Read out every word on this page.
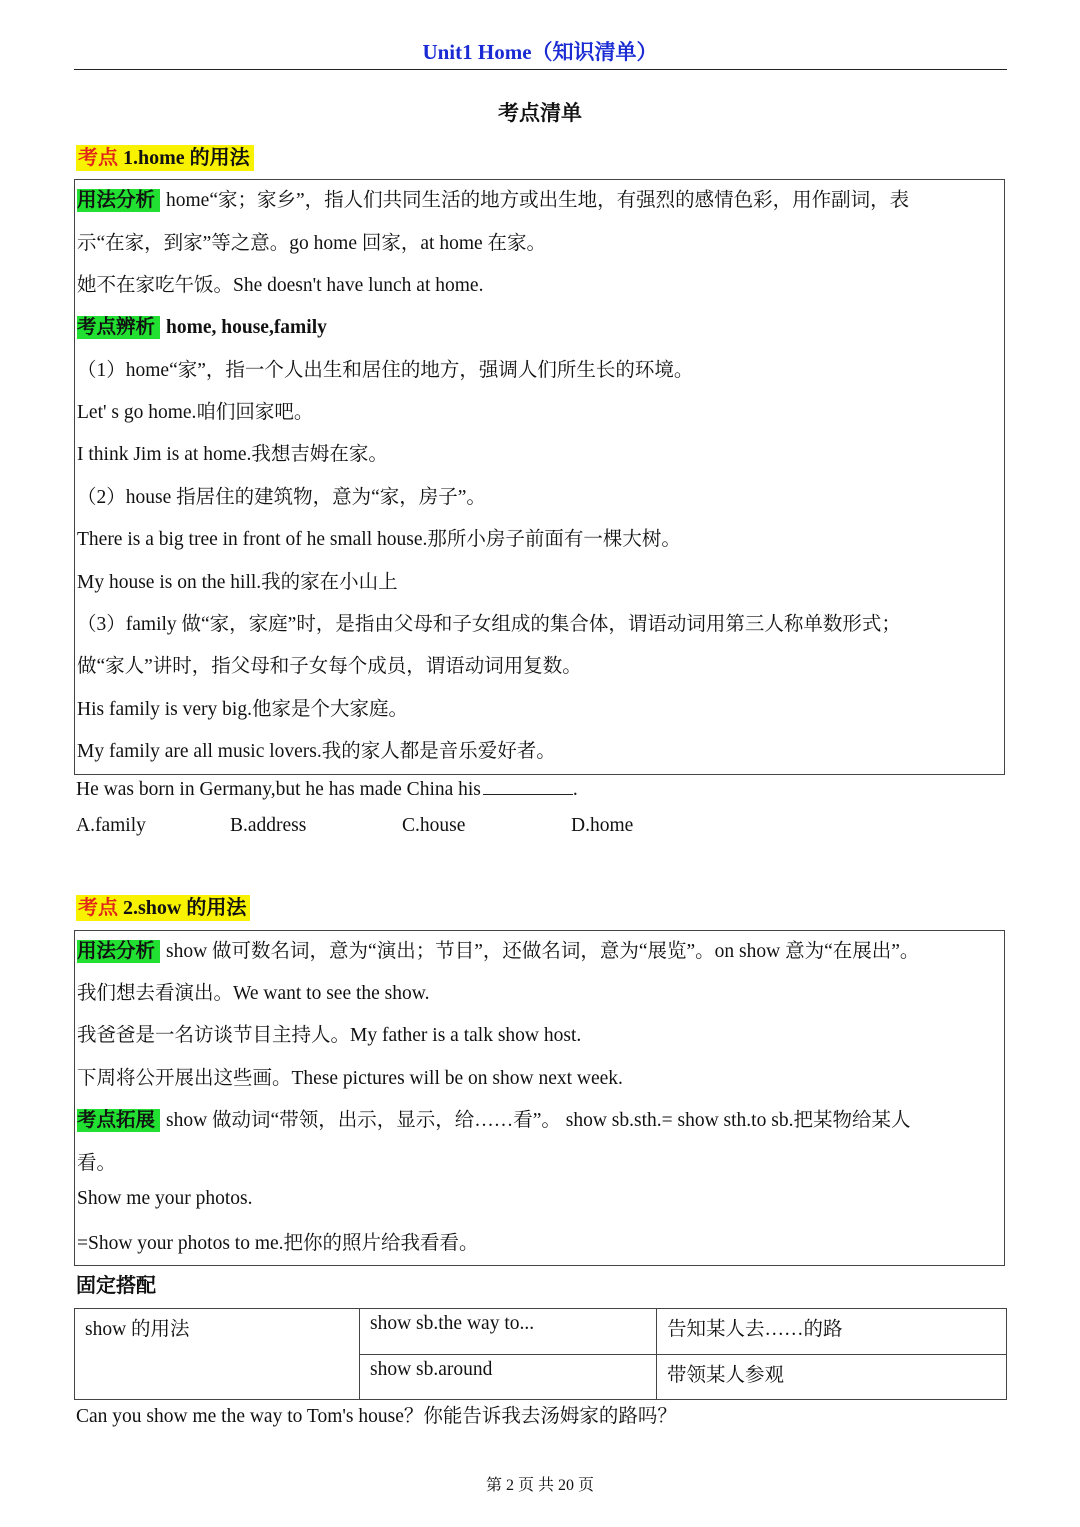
Unit1 Home（知识清单）
考点清单
考点 1.home 的用法
用法分析 home“家；家乡”，指人们共同生活的地方或出生地，有强烈的感情色彩，用作副词，表
示“在家，到家”等之意。go home 回家，at home 在家。
她不在家吃午饭。She doesn't have lunch at home.
考点辨析 home, house,family
（1）home“家”，指一个人出生和居住的地方，强调人们所生长的环境。
Let' s go home.咱们回家吧。
I think Jim is at home.我想吉姆在家。
（2）house 指居住的建筑物，意为“家，房子”。
There is a big tree in front of he small house.那所小房子前面有一棵大树。
My house is on the hill.我的家在小山上
（3）family 做“家，家庭”时，是指由父母和子女组成的集合体，谓语动词用第三人称单数形式；
做“家人”讲时，指父母和子女每个成员，谓语动词用复数。
His family is very big.他家是个大家庭。
My family are all music lovers.我的家人都是音乐爱好者。
He was born in Germany,but he has made China his	.
A.family	B.address	C.house	D.home
考点 2.show 的用法
用法分析 show 做可数名词，意为“演出；节目”，还做名词，意为“展览”。on show 意为“在展出”。
我们想去看演出。We want to see the show.
我爸爸是一名访谈节目主持人。My father is a talk show host.
下周将公开展出这些画。These pictures will be on show next week.
考点拓展 show 做动词“带领，出示，显示，给……看”。 show sb.sth.= show sth.to sb.把某物给某人
看。
Show me your photos.
=Show your photos to me.把你的照片给我看看。
固定搭配
show 的用法	show sb.the way to...	告知某人去……的路
	show sb.around	带领某人参观
Can you show me the way to Tom's house？你能告诉我去汤姆家的路吗？
第 2 页 共 20 页
